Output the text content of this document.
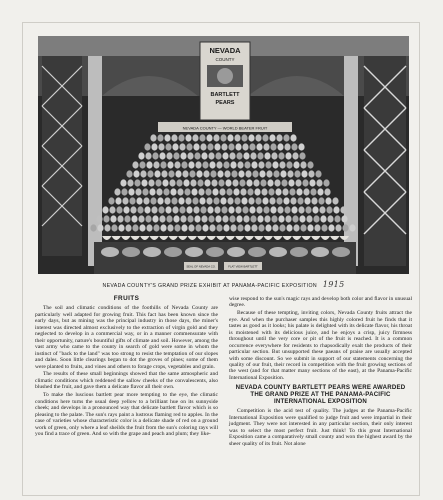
NEVADA
COUNTY
BARTLETT
PEARS
NEVADA COUNTY — WORLD BEATER FRUIT
SEAL OF NEVADA CO.	FLAT VIEW BARTLETT
NEVADA COUNTY'S GRAND PRIZE EXHIBIT AT PANAMA-PACIFIC EXPOSITION 1915
FRUITS

The soil and climatic conditions of the foothills of Nevada County are particularly well adapted for growing fruit. This fact has been known since the early days, but as mining was the principal industry in those days, the miner's interest was directed almost exclusively to the extraction of virgin gold and they neglected to develop in a commercial way, or in a manner commensurate with their opportunity, nature's bountiful gifts of climate and soil. However, among the vast army who came to the county in search of gold were some in whom the instinct of "back to the land" was too strong to resist the temptation of our slopes and dales. Soon little clearings began to dot the groves of pines; some of them were planted to fruits, and vines and others to forage crops, vegetables and grain.

The results of these small beginnings showed that the same atmospheric and climatic conditions which reddened the sallow cheeks of the convalescents, also blushed the fruit, and gave them a delicate flavor all their own.

To make the luscious bartlett pear more tempting to the eye, the climatic conditions here turns the usual deep yellow to a brilliant hue on its sunnyside cheek; and develops in a pronounced way that delicate bartlett flavor which is so pleasing to the palate. The sun's rays paint a lustrous flaming red to apples. In the case of varieties whose characteristic color is a delicate shade of red on a ground work of green, only where a leaf sheilds the fruit from the sun's coloring rays will you find a trace of green. And so with the grape and peach and plum; they like-

wise respond to the sun's magic rays and develop both color and flavor in unusual degree.

Because of these tempting, inviting colors, Nevada County fruits attract the eye. And when the purchaser samples this highly colored fruit he finds that it tastes as good as it looks; his palate is delighted with its delicate flavor, his throat is moistened with its delicious juice, and he enjoys a crisp, juicy firmness throughout until the very core or pit of the fruit is reached. It is a common occurrence everywhere for residents to rhapsodically exalt the products of their particular section. But unsupported these paeans of praise are usually accepted with some discount. So we submit in support of our statements concerning the quality of our fruit, their record in competition with the fruit growing sections of the west (and for that matter many sections of the east), at the Panama-Pacific International Exposition.

NEVADA COUNTY BARTLETT PEARS WERE AWARDED THE GRAND PRIZE AT THE PANAMA-PACIFIC INTERNATIONAL EXPOSITION

Competition is the acid test of quality. The judges at the Panama-Pacific International Exposition were qualified to judge fruit and were impartial in their judgment. They were not interested in any particular section, their only interest was to select the most perfect fruit. Just think! To this great International Exposition came a comparatively small county and won the highest award by the sheer quality of its fruit. Not alone
